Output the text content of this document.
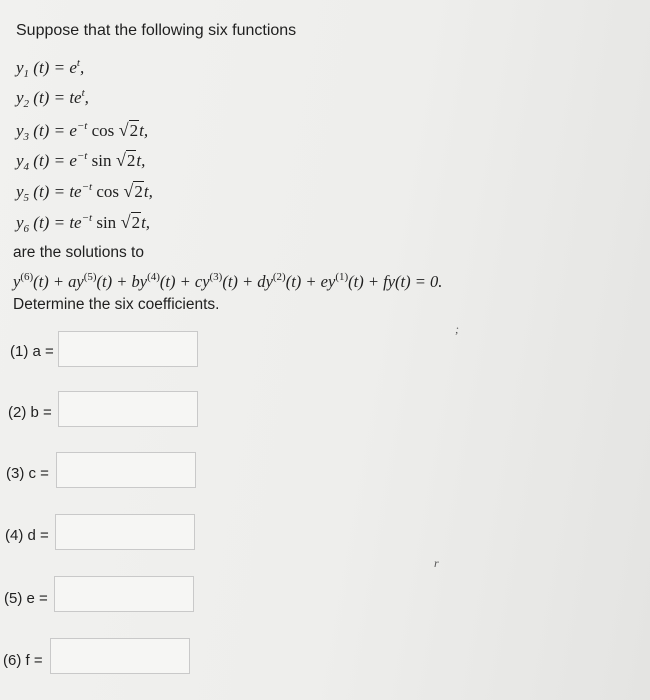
Suppose that the following six functions
$y_1$ $(t) = e^t$,
$y_2$ $(t) = te^t$,
$y_3$ $(t) = e^{-t}$ cos √2t,
$y_4$ $(t) = e^{-t}$ sin √2t,
$y_5$ $(t) = te^{-t}$ cos √2t,
$y_6$ $(t) = te^{-t}$ sin √2t,
are the solutions to
$y^{(6)}(t) + ay^{(5)}(t) + by^{(4)}(t) + cy^{(3)}(t) + dy^{(2)}(t) + ey^{(1)}(t) + fy(t) = 0$.
Determine the six coefficients.
(1) a =
(2) b =
(3) c =
(4) d =
(5) e =
(6) f =
;
r
